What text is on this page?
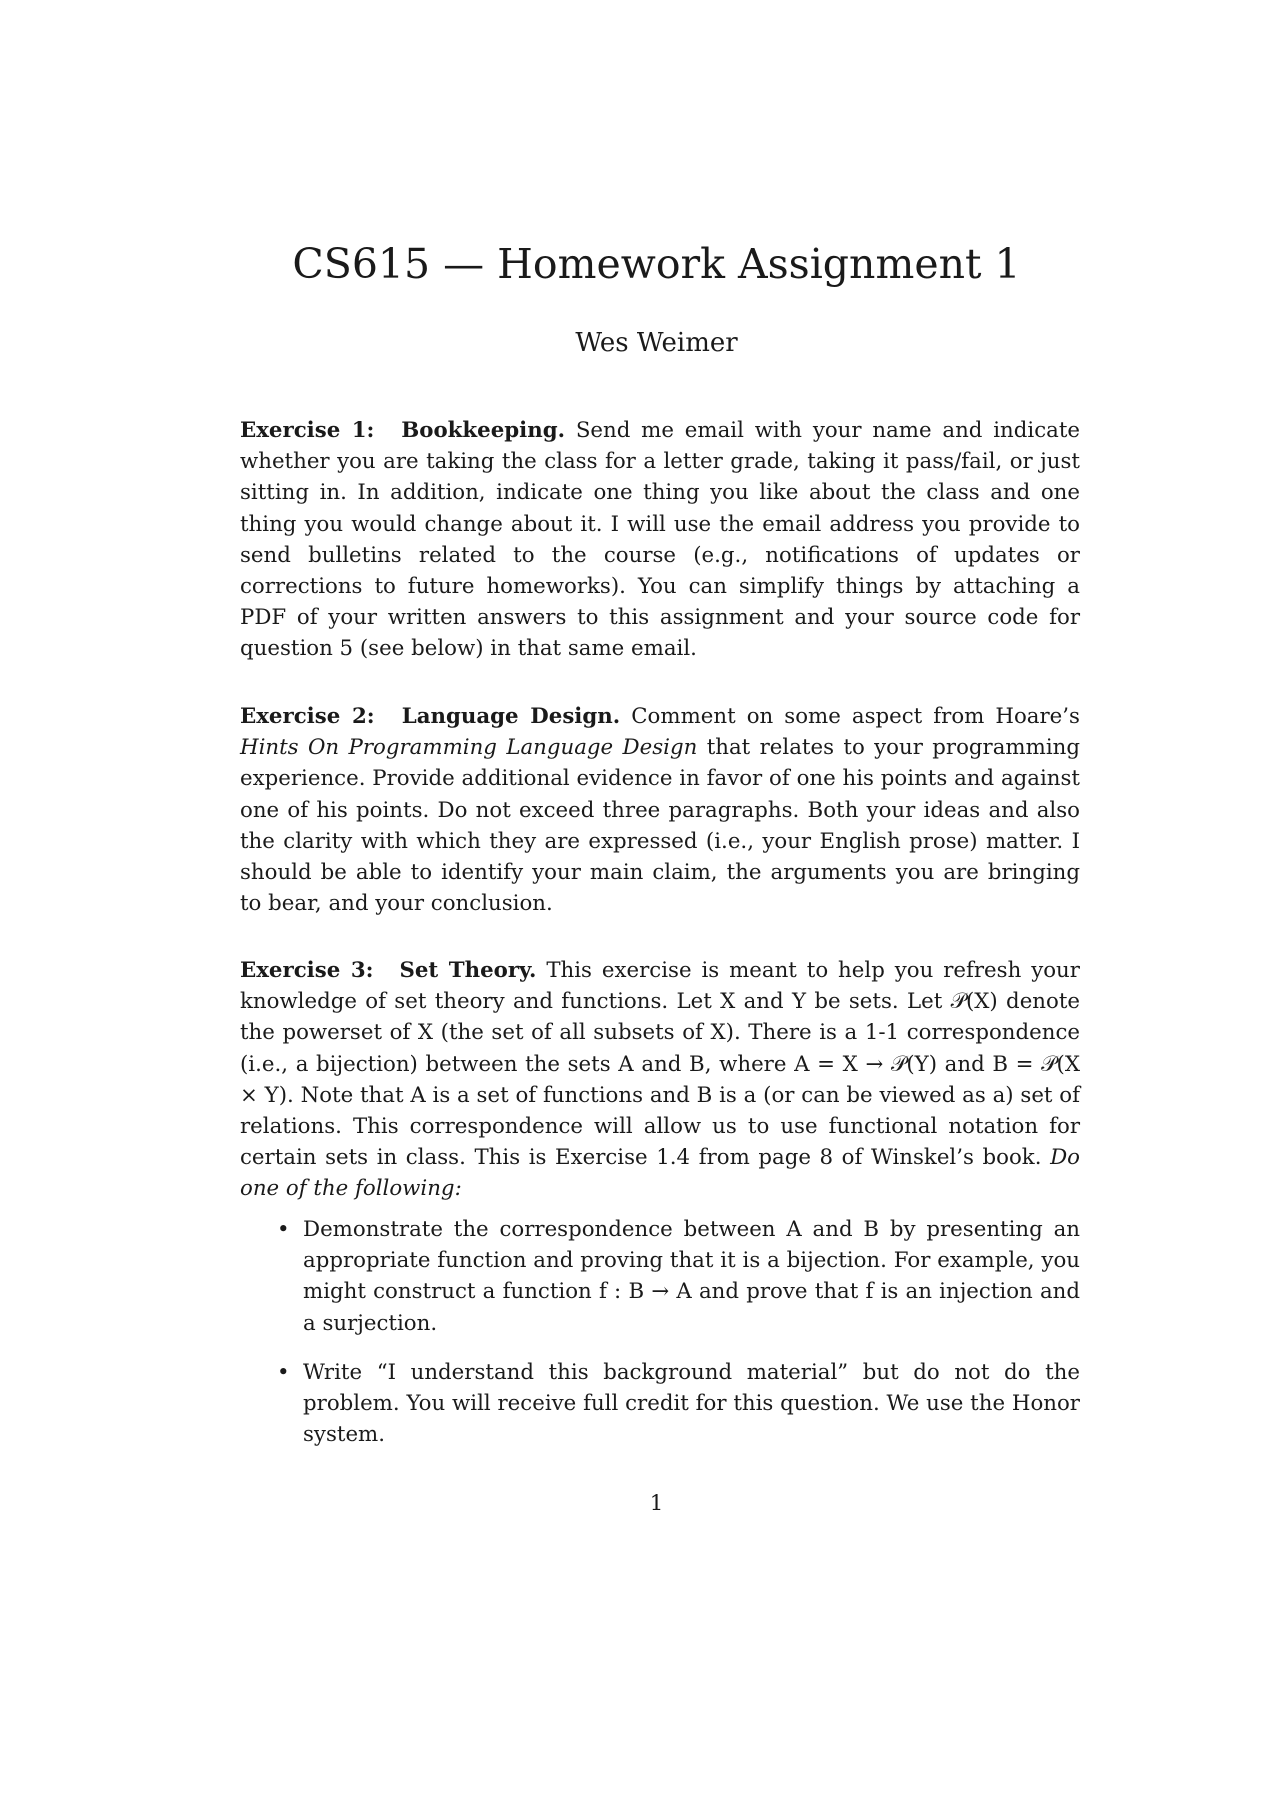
CS615 — Homework Assignment 1
Wes Weimer
Exercise 1: Bookkeeping. Send me email with your name and indicate whether you are taking the class for a letter grade, taking it pass/fail, or just sitting in. In addition, indicate one thing you like about the class and one thing you would change about it. I will use the email address you provide to send bulletins related to the course (e.g., notifications of updates or corrections to future homeworks). You can simplify things by attaching a PDF of your written answers to this assignment and your source code for question 5 (see below) in that same email.
Exercise 2: Language Design. Comment on some aspect from Hoare’s Hints On Programming Language Design that relates to your programming experience. Provide additional evidence in favor of one his points and against one of his points. Do not exceed three paragraphs. Both your ideas and also the clarity with which they are expressed (i.e., your English prose) matter. I should be able to identify your main claim, the arguments you are bringing to bear, and your conclusion.
Exercise 3: Set Theory. This exercise is meant to help you refresh your knowledge of set theory and functions. Let X and Y be sets. Let 𝒫(X) denote the powerset of X (the set of all subsets of X). There is a 1-1 correspondence (i.e., a bijection) between the sets A and B, where A = X → 𝒫(Y) and B = 𝒫(X × Y). Note that A is a set of functions and B is a (or can be viewed as a) set of relations. This correspondence will allow us to use functional notation for certain sets in class. This is Exercise 1.4 from page 8 of Winskel’s book. Do one of the following:
• Demonstrate the correspondence between A and B by presenting an appropriate function and proving that it is a bijection. For example, you might construct a function f : B → A and prove that f is an injection and a surjection.
• Write “I understand this background material” but do not do the problem. You will receive full credit for this question. We use the Honor system.
1
